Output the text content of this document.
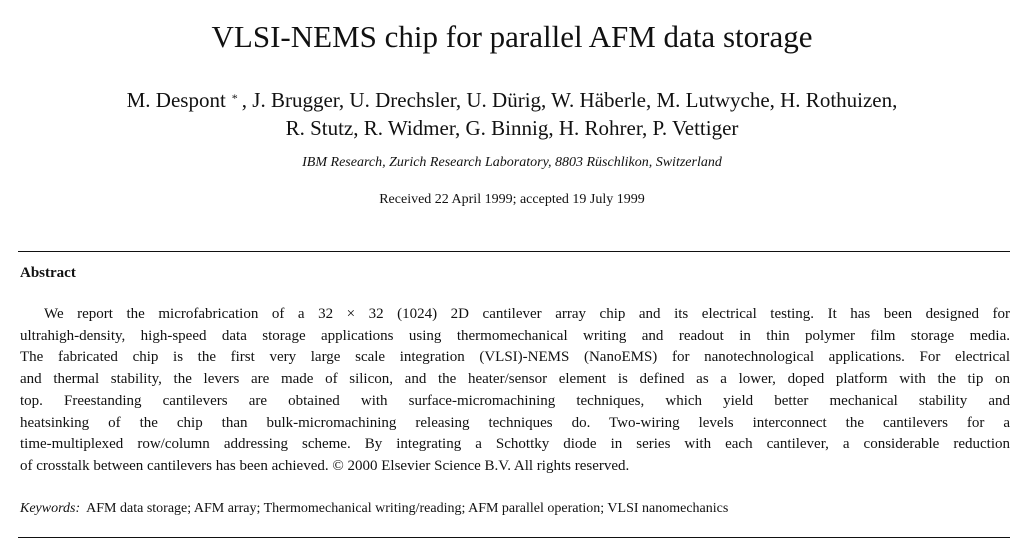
VLSI-NEMS chip for parallel AFM data storage
M. Despont * , J. Brugger, U. Drechsler, U. Dürig, W. Häberle, M. Lutwyche, H. Rothuizen,
R. Stutz, R. Widmer, G. Binnig, H. Rohrer, P. Vettiger
IBM Research, Zurich Research Laboratory, 8803 Rüschlikon, Switzerland
Received 22 April 1999; accepted 19 July 1999
Abstract
We report the microfabrication of a 32 × 32 (1024) 2D cantilever array chip and its electrical testing. It has been designed for
ultrahigh-density, high-speed data storage applications using thermomechanical writing and readout in thin polymer film storage media.
The fabricated chip is the first very large scale integration (VLSI)-NEMS (NanoEMS) for nanotechnological applications. For electrical
and thermal stability, the levers are made of silicon, and the heater/sensor element is defined as a lower, doped platform with the tip on
top. Freestanding cantilevers are obtained with surface-micromachining techniques, which yield better mechanical stability and
heatsinking of the chip than bulk-micromachining releasing techniques do. Two-wiring levels interconnect the cantilevers for a
time-multiplexed row/column addressing scheme. By integrating a Schottky diode in series with each cantilever, a considerable reduction
of crosstalk between cantilevers has been achieved. © 2000 Elsevier Science B.V. All rights reserved.
Keywords: AFM data storage; AFM array; Thermomechanical writing/reading; AFM parallel operation; VLSI nanomechanics
